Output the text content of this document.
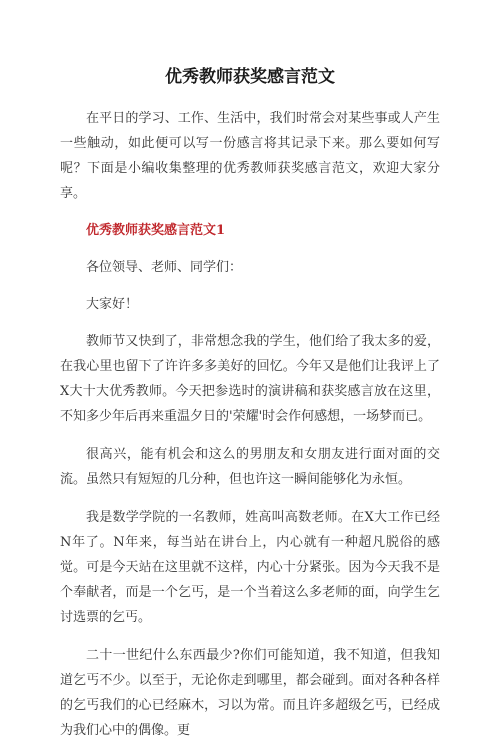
优秀教师获奖感言范文

在平日的学习、工作、生活中，我们时常会对某些事或人产生一些触动，如此便可以写一份感言将其记录下来。那么要如何写呢？下面是小编收集整理的优秀教师获奖感言范文，欢迎大家分享。

优秀教师获奖感言范文1

各位领导、老师、同学们：

大家好！

教师节又快到了，非常想念我的学生，他们给了我太多的爱，在我心里也留下了许许多多美好的回忆。今年又是他们让我评上了X大十大优秀教师。今天把参选时的演讲稿和获奖感言放在这里，不知多少年后再来重温夕日的'荣耀'时会作何感想，一场梦而已。

很高兴，能有机会和这么的男朋友和女朋友进行面对面的交流。虽然只有短短的几分种，但也许这一瞬间能够化为永恒。

我是数学学院的一名教师，姓高叫高数老师。在X大工作已经N年了。N年来，每当站在讲台上，内心就有一种超凡脱俗的感觉。可是今天站在这里就不这样，内心十分紧张。因为今天我不是个奉献者，而是一个乞丐，是一个当着这么多老师的面，向学生乞讨选票的乞丐。

二十一世纪什么东西最少?你们可能知道，我不知道，但我知道乞丐不少。以至于，无论你走到哪里，都会碰到。面对各种各样的乞丐我们的心已经麻木，习以为常。而且许多超级乞丐，已经成为我们心中的偶像。更
